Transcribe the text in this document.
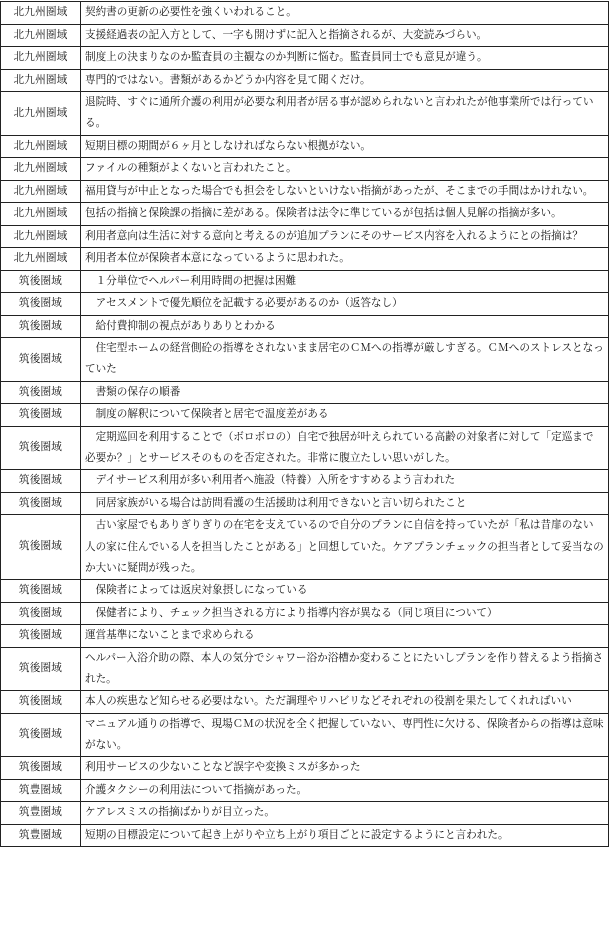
北九州圏域	契約書の更新の必要性を強くいわれること。
北九州圏域	支援経過表の記入方として、一字も開けずに記入と指摘されるが、大変読みづらい。
北九州圏域	制度上の決まりなのか監査員の主観なのか判断に悩む。監査員同士でも意見が違う。
北九州圏域	専門的ではない。書類があるかどうか内容を見て聞くだけ。
北九州圏域	退院時、すぐに通所介護の利用が必要な利用者が居る事が認められないと言われたが他事業所では行っている。
北九州圏域	短期目標の期間が６ヶ月としなければならない根拠がない。
北九州圏域	ファイルの種類がよくないと言われたこと。
北九州圏域	福用貸与が中止となった場合でも担会をしないといけない指摘があったが、そこまでの手間はかけれない。
北九州圏域	包括の指摘と保険課の指摘に差がある。保険者は法令に準じているが包括は個人見解の指摘が多い。
北九州圏域	利用者意向は生活に対する意向と考えるのが追加プランにそのサービス内容を入れるようにとの指摘は？
北九州圏域	利用者本位が保険者本意になっているように思われた。
筑後圏域	　１分単位でヘルパー利用時間の把握は困難
筑後圏域	　アセスメントで優先順位を記載する必要があるのか（返答なし）
筑後圏域	　給付費抑制の視点がありありとわかる
筑後圏域	　住宅型ホームの経営側砼の指導をされないまま居宅のＣＭへの指導が厳しすぎる。ＣＭへのストレスとなっていた
筑後圏域	　書類の保存の順番
筑後圏域	　制度の解釈について保険者と居宅で温度差がある
筑後圏域	　定期巡回を利用することで（ボロボロの）自宅で独居が叶えられている高齢の対象者に対して「定巡まで必要か？」とサービスそのものを否定された。非常に腹立たしい思いがした。
筑後圏域	　デイサービス利用が多い利用者へ施設（特養）入所をすすめるよう言われた
筑後圏域	　同居家族がいる場合は訪問看護の生活援助は利用できないと言い切られたこと
筑後圏域	　古い家屋でもありぎりぎりの在宅を支えているので自分のプランに自信を持っていたが「私は昔扉のない人の家に住んでいる人を担当したことがある」と回想していた。ケアプランチェックの担当者として妥当なのか大いに疑問が残った。
筑後圏域	　保険者によっては返戻対象摂しになっている
筑後圏域	　保健者により、チェック担当される方により指導内容が異なる（同じ項目について）
筑後圏域	運営基準にないことまで求められる
筑後圏域	ヘルパー入浴介助の際、本人の気分でシャワー浴か浴槽か変わることにたいしプランを作り替えるよう指摘された。
筑後圏域	本人の疾患など知らせる必要はない。ただ調理やリハビリなどそれぞれの役割を果たしてくれればいい
筑後圏域	マニュアル通りの指導で、現場ＣＭの状況を全く把握していない、専門性に欠ける、保険者からの指導は意味がない。
筑後圏域	利用サービスの少ないことなど誤字や変換ミスが多かった
筑豊圏域	介護タクシーの利用法について指摘があった。
筑豊圏域	ケアレスミスの指摘ばかりが目立った。
筑豊圏域	短期の目標設定について起き上がりや立ち上がり項目ごとに設定するようにと言われた。
